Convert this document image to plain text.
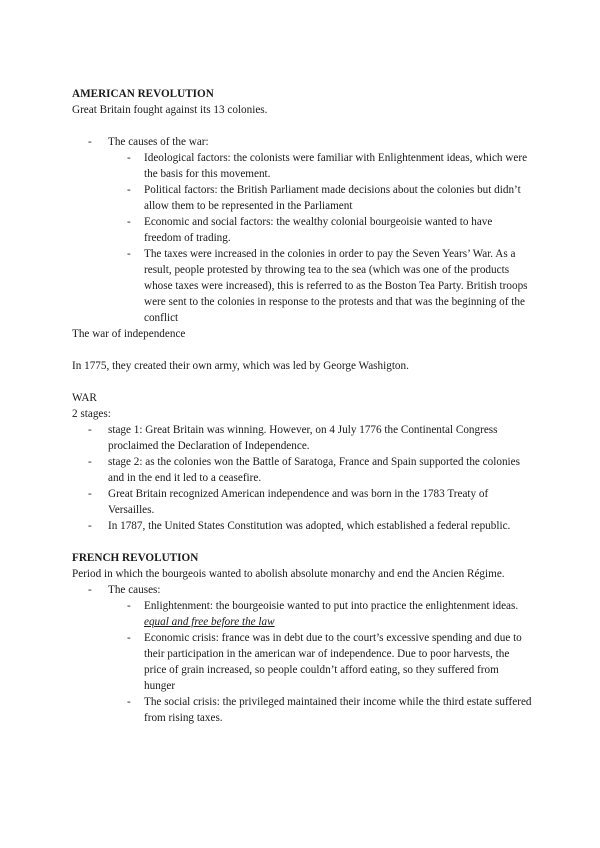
AMERICAN REVOLUTION
Great Britain fought against its 13 colonies.
- The causes of the war:
- Ideological factors: the colonists were familiar with Enlightenment ideas, which were the basis for this movement.
- Political factors: the British Parliament made decisions about the colonies but didn’t allow them to be represented in the Parliament
- Economic and social factors: the wealthy colonial bourgeoisie wanted to have freedom of trading.
- The taxes were increased in the colonies in order to pay the Seven Years’ War. As a result, people protested by throwing tea to the sea (which was one of the products whose taxes were increased), this is referred to as the Boston Tea Party. British troops were sent to the colonies in response to the protests and that was the beginning of the conflict
The war of independence
In 1775, they created their own army, which was led by George Washigton.
WAR
2 stages:
- stage 1: Great Britain was winning. However, on 4 July 1776 the Continental Congress proclaimed the Declaration of Independence.
- stage 2: as the colonies won the Battle of Saratoga, France and Spain supported the colonies and in the end it led to a ceasefire.
- Great Britain recognized American independence and was born in the 1783 Treaty of Versailles.
- In 1787, the United States Constitution was adopted, which established a federal republic.
FRENCH REVOLUTION
Period in which the bourgeois wanted to abolish absolute monarchy and end the Ancien Régime.
- The causes:
- Enlightenment: the bourgeoisie wanted to put into practice the enlightenment ideas. equal and free before the law
- Economic crisis: france was in debt due to the court’s excessive spending and due to their participation in the american war of independence. Due to poor harvests, the price of grain increased, so people couldn’t afford eating, so they suffered from hunger
- The social crisis: the privileged maintained their income while the third estate suffered from rising taxes.
